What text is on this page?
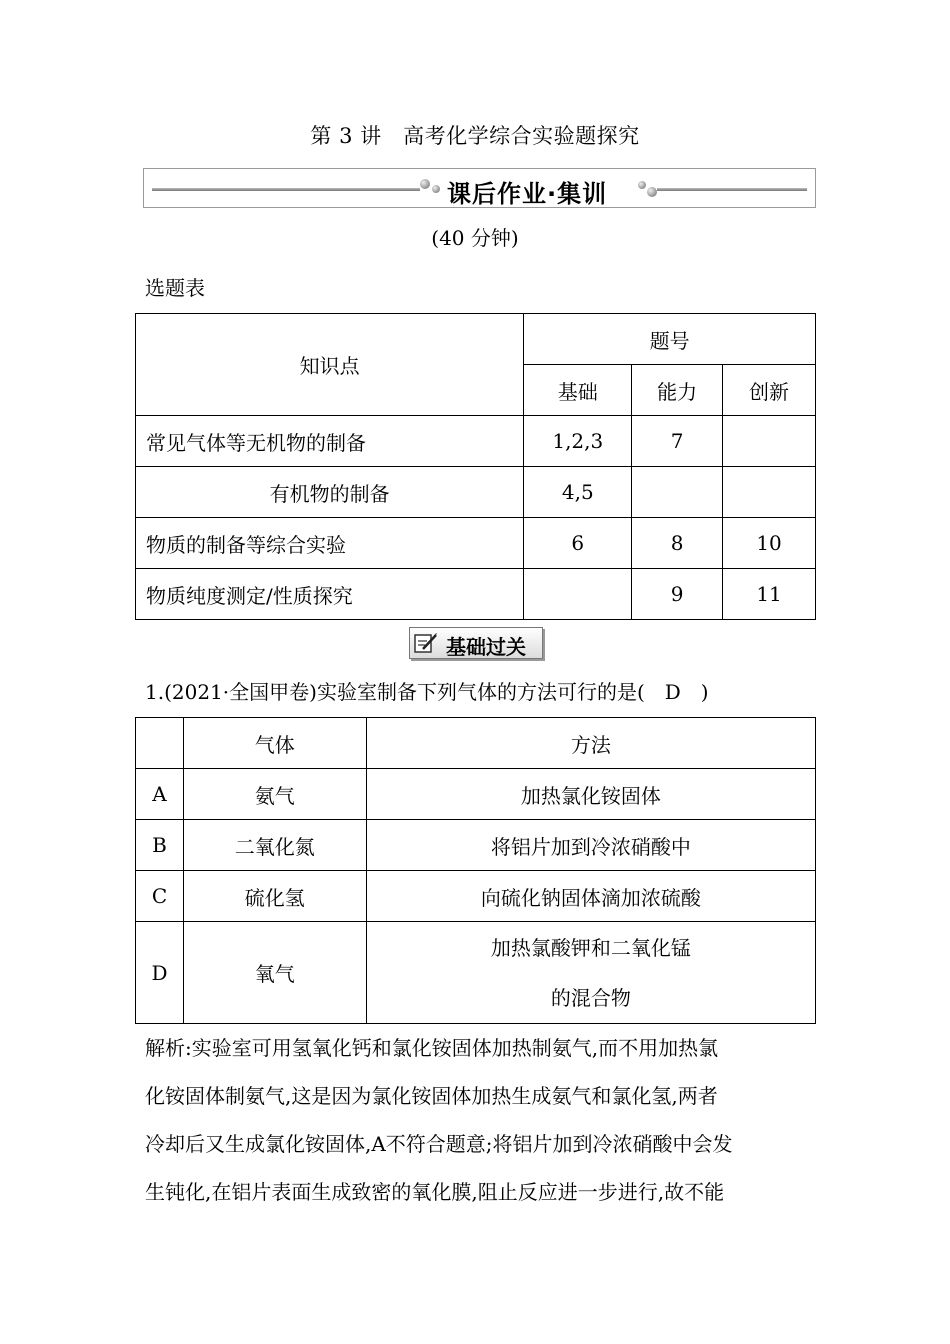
第 3 讲　高考化学综合实验题探究
课后作业·集训
(40 分钟)
选题表
知识点	题号		
	基础	能力	创新
常见气体等无机物的制备	1,2,3	7	
有机物的制备	4,5		
物质的制备等综合实验	6	8	10
物质纯度测定/性质探究		9	11
基础过关
1.(2021·全国甲卷)实验室制备下列气体的方法可行的是(　D　)
	气体	方法
A	氨气	加热氯化铵固体
B	二氧化氮	将铝片加到冷浓硝酸中
C	硫化氢	向硫化钠固体滴加浓硫酸
D	氧气	加热氯酸钾和二氧化锰
的混合物
解析:实验室可用氢氧化钙和氯化铵固体加热制氨气,而不用加热氯
化铵固体制氨气,这是因为氯化铵固体加热生成氨气和氯化氢,两者
冷却后又生成氯化铵固体,A不符合题意;将铝片加到冷浓硝酸中会发
生钝化,在铝片表面生成致密的氧化膜,阻止反应进一步进行,故不能
